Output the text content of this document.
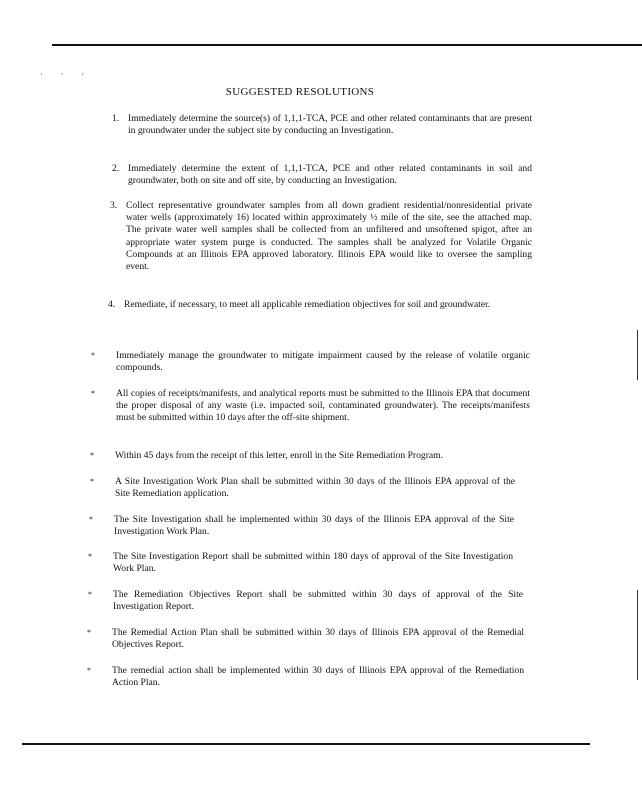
· · ·
SUGGESTED RESOLUTIONS
1. Immediately determine the source(s) of 1,1,1-TCA, PCE and other related contaminants that are present in groundwater under the subject site by conducting an Investigation.
2. Immediately determine the extent of 1,1,1-TCA, PCE and other related contaminants in soil and groundwater, both on site and off site, by conducting an Investigation.
3. Collect representative groundwater samples from all down gradient residential/nonresidential private water wells (approximately 16) located within approximately ½ mile of the site, see the attached map. The private water well samples shall be collected from an unfiltered and unsoftened spigot, after an appropriate water system purge is conducted. The samples shall be analyzed for Volatile Organic Compounds at an Illinois EPA approved laboratory. Illinois EPA would like to oversee the sampling event.
4. Remediate, if necessary, to meet all applicable remediation objectives for soil and groundwater.
* Immediately manage the groundwater to mitigate impairment caused by the release of volatile organic compounds.
* All copies of receipts/manifests, and analytical reports must be submitted to the Illinois EPA that document the proper disposal of any waste (i.e. impacted soil, contaminated groundwater). The receipts/manifests must be submitted within 10 days after the off-site shipment.
* Within 45 days from the receipt of this letter, enroll in the Site Remediation Program.
* A Site Investigation Work Plan shall be submitted within 30 days of the Illinois EPA approval of the Site Remediation application.
* The Site Investigation shall be implemented within 30 days of the Illinois EPA approval of the Site Investigation Work Plan.
* The Site Investigation Report shall be submitted within 180 days of approval of the Site Investigation Work Plan.
* The Remediation Objectives Report shall be submitted within 30 days of approval of the Site Investigation Report.
* The Remedial Action Plan shall be submitted within 30 days of Illinois EPA approval of the Remedial Objectives Report.
* The remedial action shall be implemented within 30 days of Illinois EPA approval of the Remediation Action Plan.
